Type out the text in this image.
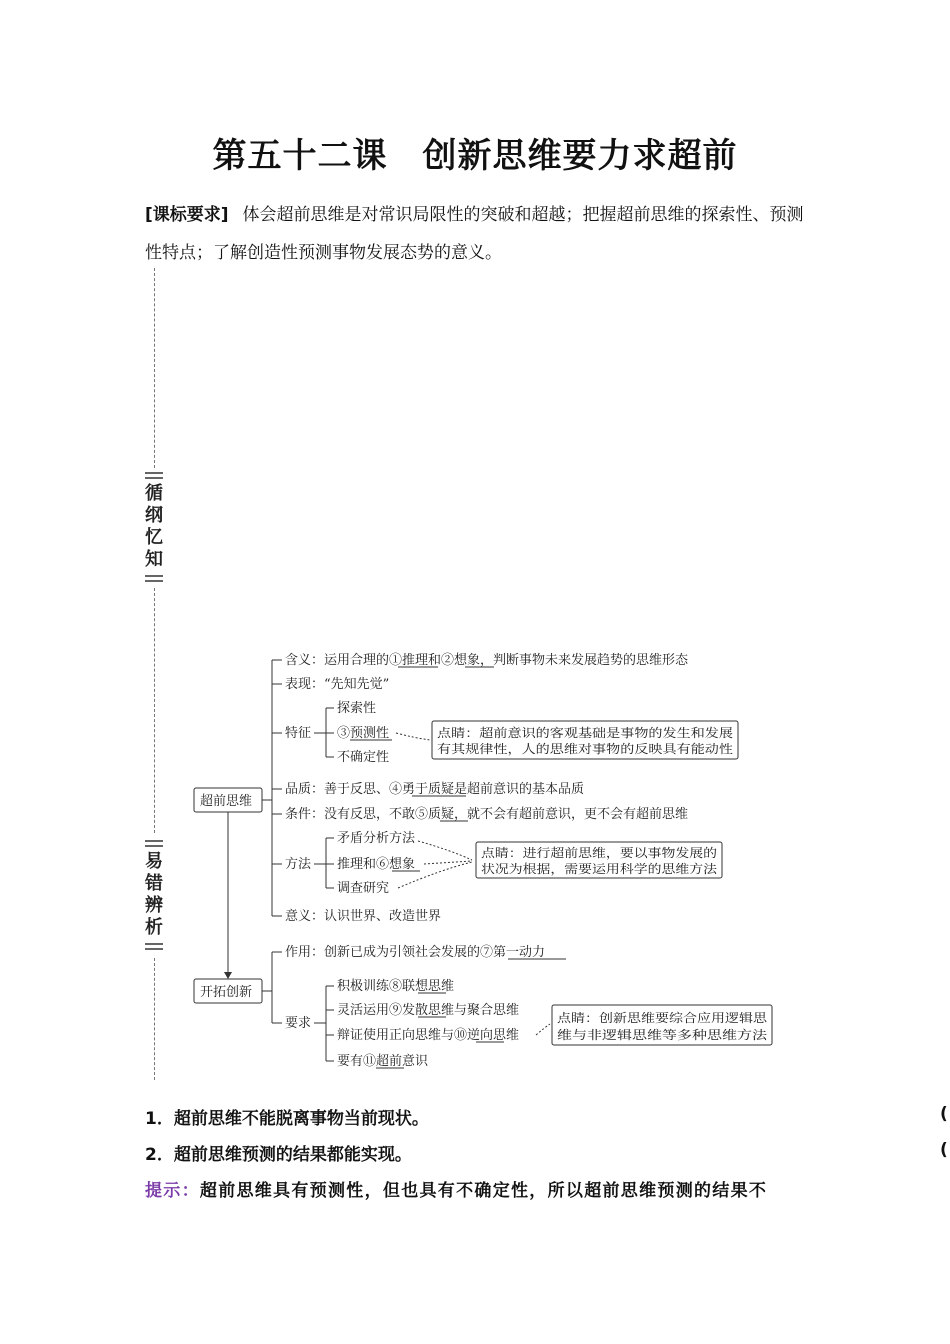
第五十二课　创新思维要力求超前
[课标要求] 体会超前思维是对常识局限性的突破和超越；把握超前思维的探索性、预测性特点；了解创造性预测事物发展态势的意义。
循纲忆知
易错辨析
超前思维
开拓创新
含义：运用合理的①推理和②想象，判断事物未来发展趋势的思维形态
表现：“先知先觉”
特征
探索性
③预测性
不确定性
品质：善于反思、④勇于质疑是超前意识的基本品质
条件：没有反思，不敢⑤质疑，就不会有超前意识，更不会有超前思维
方法
矛盾分析方法
推理和⑥想象
调查研究
意义：认识世界、改造世界
作用：创新已成为引领社会发展的⑦第一动力
要求
积极训练⑧联想思维
灵活运用⑨发散思维与聚合思维
辩证使用正向思维与⑩逆向思维
要有⑪超前意识
点睛：超前意识的客观基础是事物的发生和发展
有其规律性，人的思维对事物的反映具有能动性
点睛：进行超前思维，要以事物发展的
状况为根据，需要运用科学的思维方法
点睛：创新思维要综合应用逻辑思
维与非逻辑思维等多种思维方法
1．超前思维不能脱离事物当前现状。	(
2．超前思维预测的结果都能实现。	(
提示：超前思维具有预测性，但也具有不确定性，所以超前思维预测的结果不
